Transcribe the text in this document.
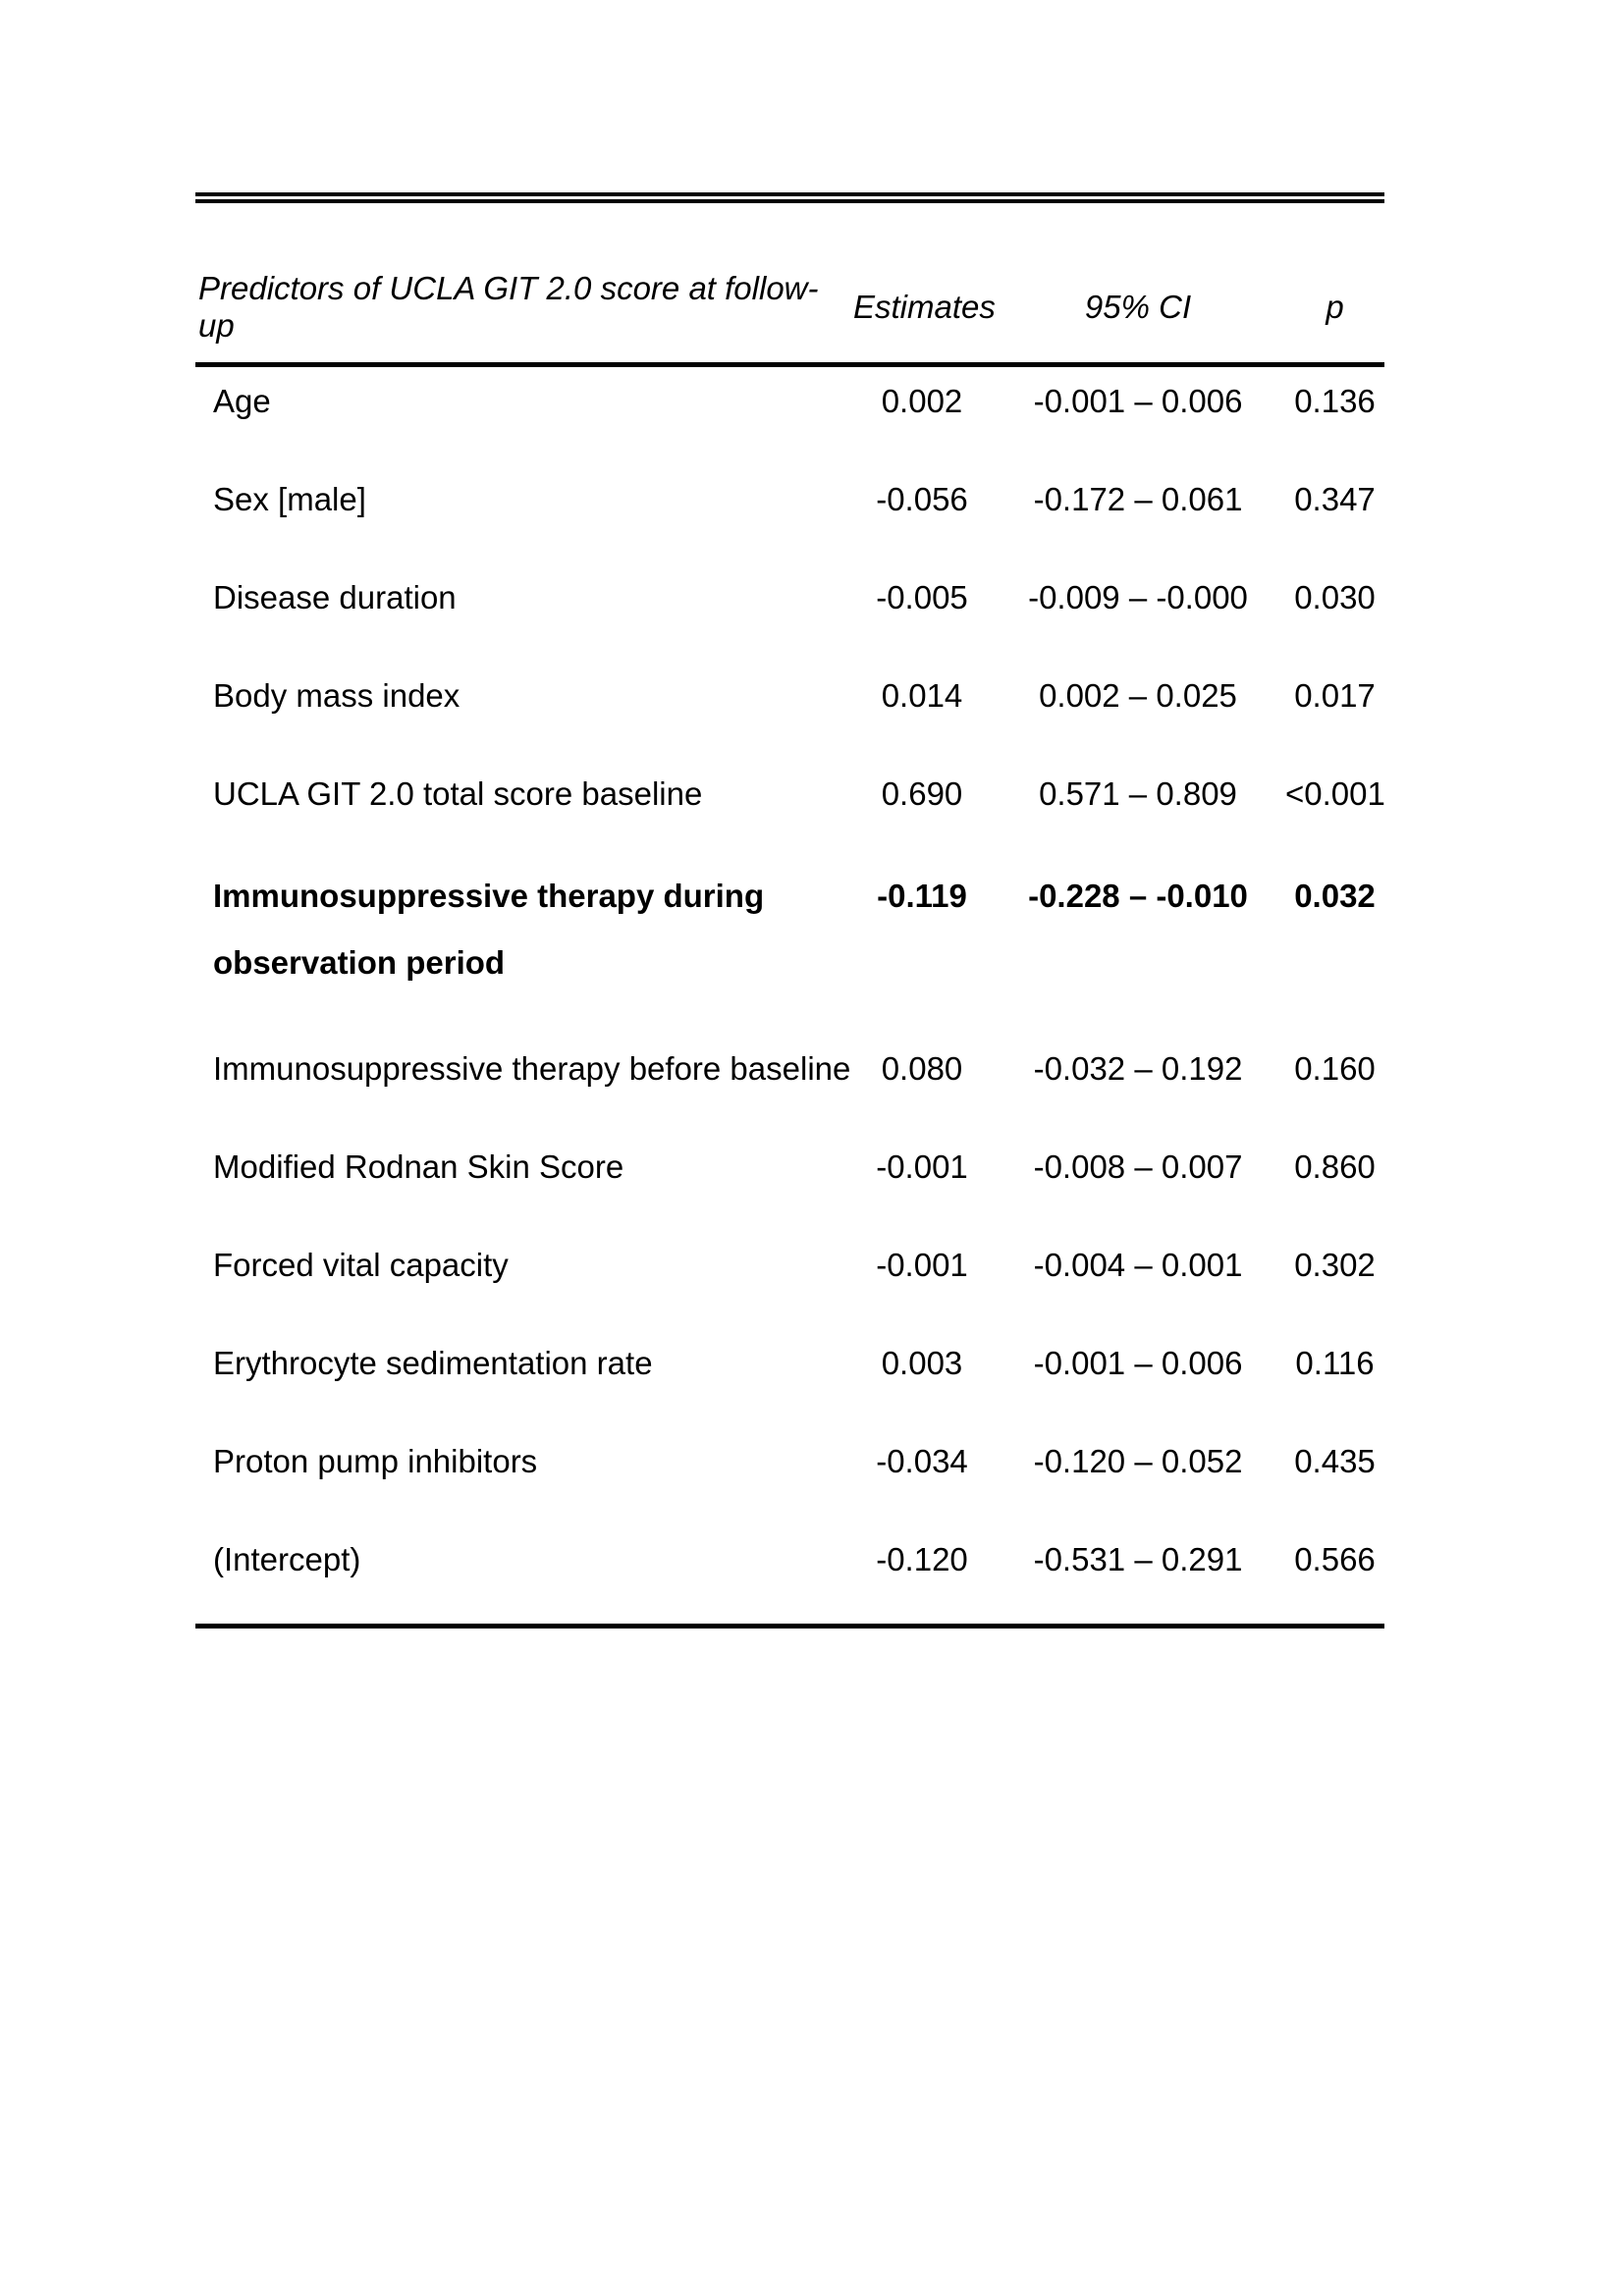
Predictors of UCLA GIT 2.0 score at follow-up
Estimates	95% CI	p
Age	0.002	-0.001 – 0.006	0.136
Sex [male]	-0.056	-0.172 – 0.061	0.347
Disease duration	-0.005	-0.009 – -0.000	0.030
Body mass index	0.014	0.002 – 0.025	0.017
UCLA GIT 2.0 total score baseline	0.690	0.571 – 0.809	<0.001
Immunosuppressive therapy during
observation period
-0.119	-0.228 – -0.010	0.032
Immunosuppressive therapy before baseline 0.080	-0.032 – 0.192	0.160
Modified Rodnan Skin Score	-0.001	-0.008 – 0.007	0.860
Forced vital capacity	-0.001	-0.004 – 0.001	0.302
Erythrocyte sedimentation rate	0.003	-0.001 – 0.006	0.116
Proton pump inhibitors	-0.034	-0.120 – 0.052	0.435
(Intercept)	-0.120	-0.531 – 0.291	0.566
